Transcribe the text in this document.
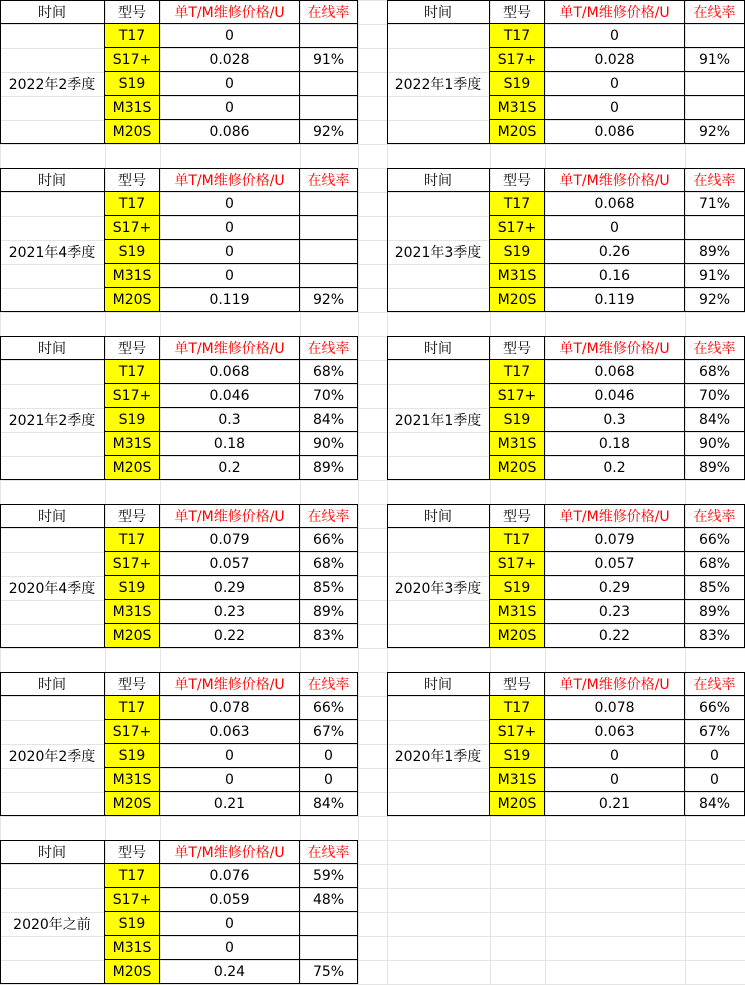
时间	型号	单T/M维修价格/U	在线率
2022年2季度
T17	0
S17+	0.028	91%
S19	0
M31S	0
M20S	0.086	92%
时间	型号	单T/M维修价格/U	在线率
2022年1季度
T17	0
S17+	0.028	91%
S19	0
M31S	0
M20S	0.086	92%
时间	型号	单T/M维修价格/U	在线率
2021年4季度
T17	0
S17+	0
S19	0
M31S	0
M20S	0.119	92%
时间	型号	单T/M维修价格/U	在线率
2021年3季度
T17	0.068	71%
S17+	0
S19	0.26	89%
M31S	0.16	91%
M20S	0.119	92%
时间	型号	单T/M维修价格/U	在线率
2021年2季度
T17	0.068	68%
S17+	0.046	70%
S19	0.3	84%
M31S	0.18	90%
M20S	0.2	89%
时间	型号	单T/M维修价格/U	在线率
2021年1季度
T17	0.068	68%
S17+	0.046	70%
S19	0.3	84%
M31S	0.18	90%
M20S	0.2	89%
时间	型号	单T/M维修价格/U	在线率
2020年4季度
T17	0.079	66%
S17+	0.057	68%
S19	0.29	85%
M31S	0.23	89%
M20S	0.22	83%
时间	型号	单T/M维修价格/U	在线率
2020年3季度
T17	0.079	66%
S17+	0.057	68%
S19	0.29	85%
M31S	0.23	89%
M20S	0.22	83%
时间	型号	单T/M维修价格/U	在线率
2020年2季度
T17	0.078	66%
S17+	0.063	67%
S19	0	0
M31S	0	0
M20S	0.21	84%
时间	型号	单T/M维修价格/U	在线率
2020年1季度
T17	0.078	66%
S17+	0.063	67%
S19	0	0
M31S	0	0
M20S	0.21	84%
时间	型号	单T/M维修价格/U	在线率
2020年之前
T17	0.076	59%
S17+	0.059	48%
S19	0
M31S	0
M20S	0.24	75%
